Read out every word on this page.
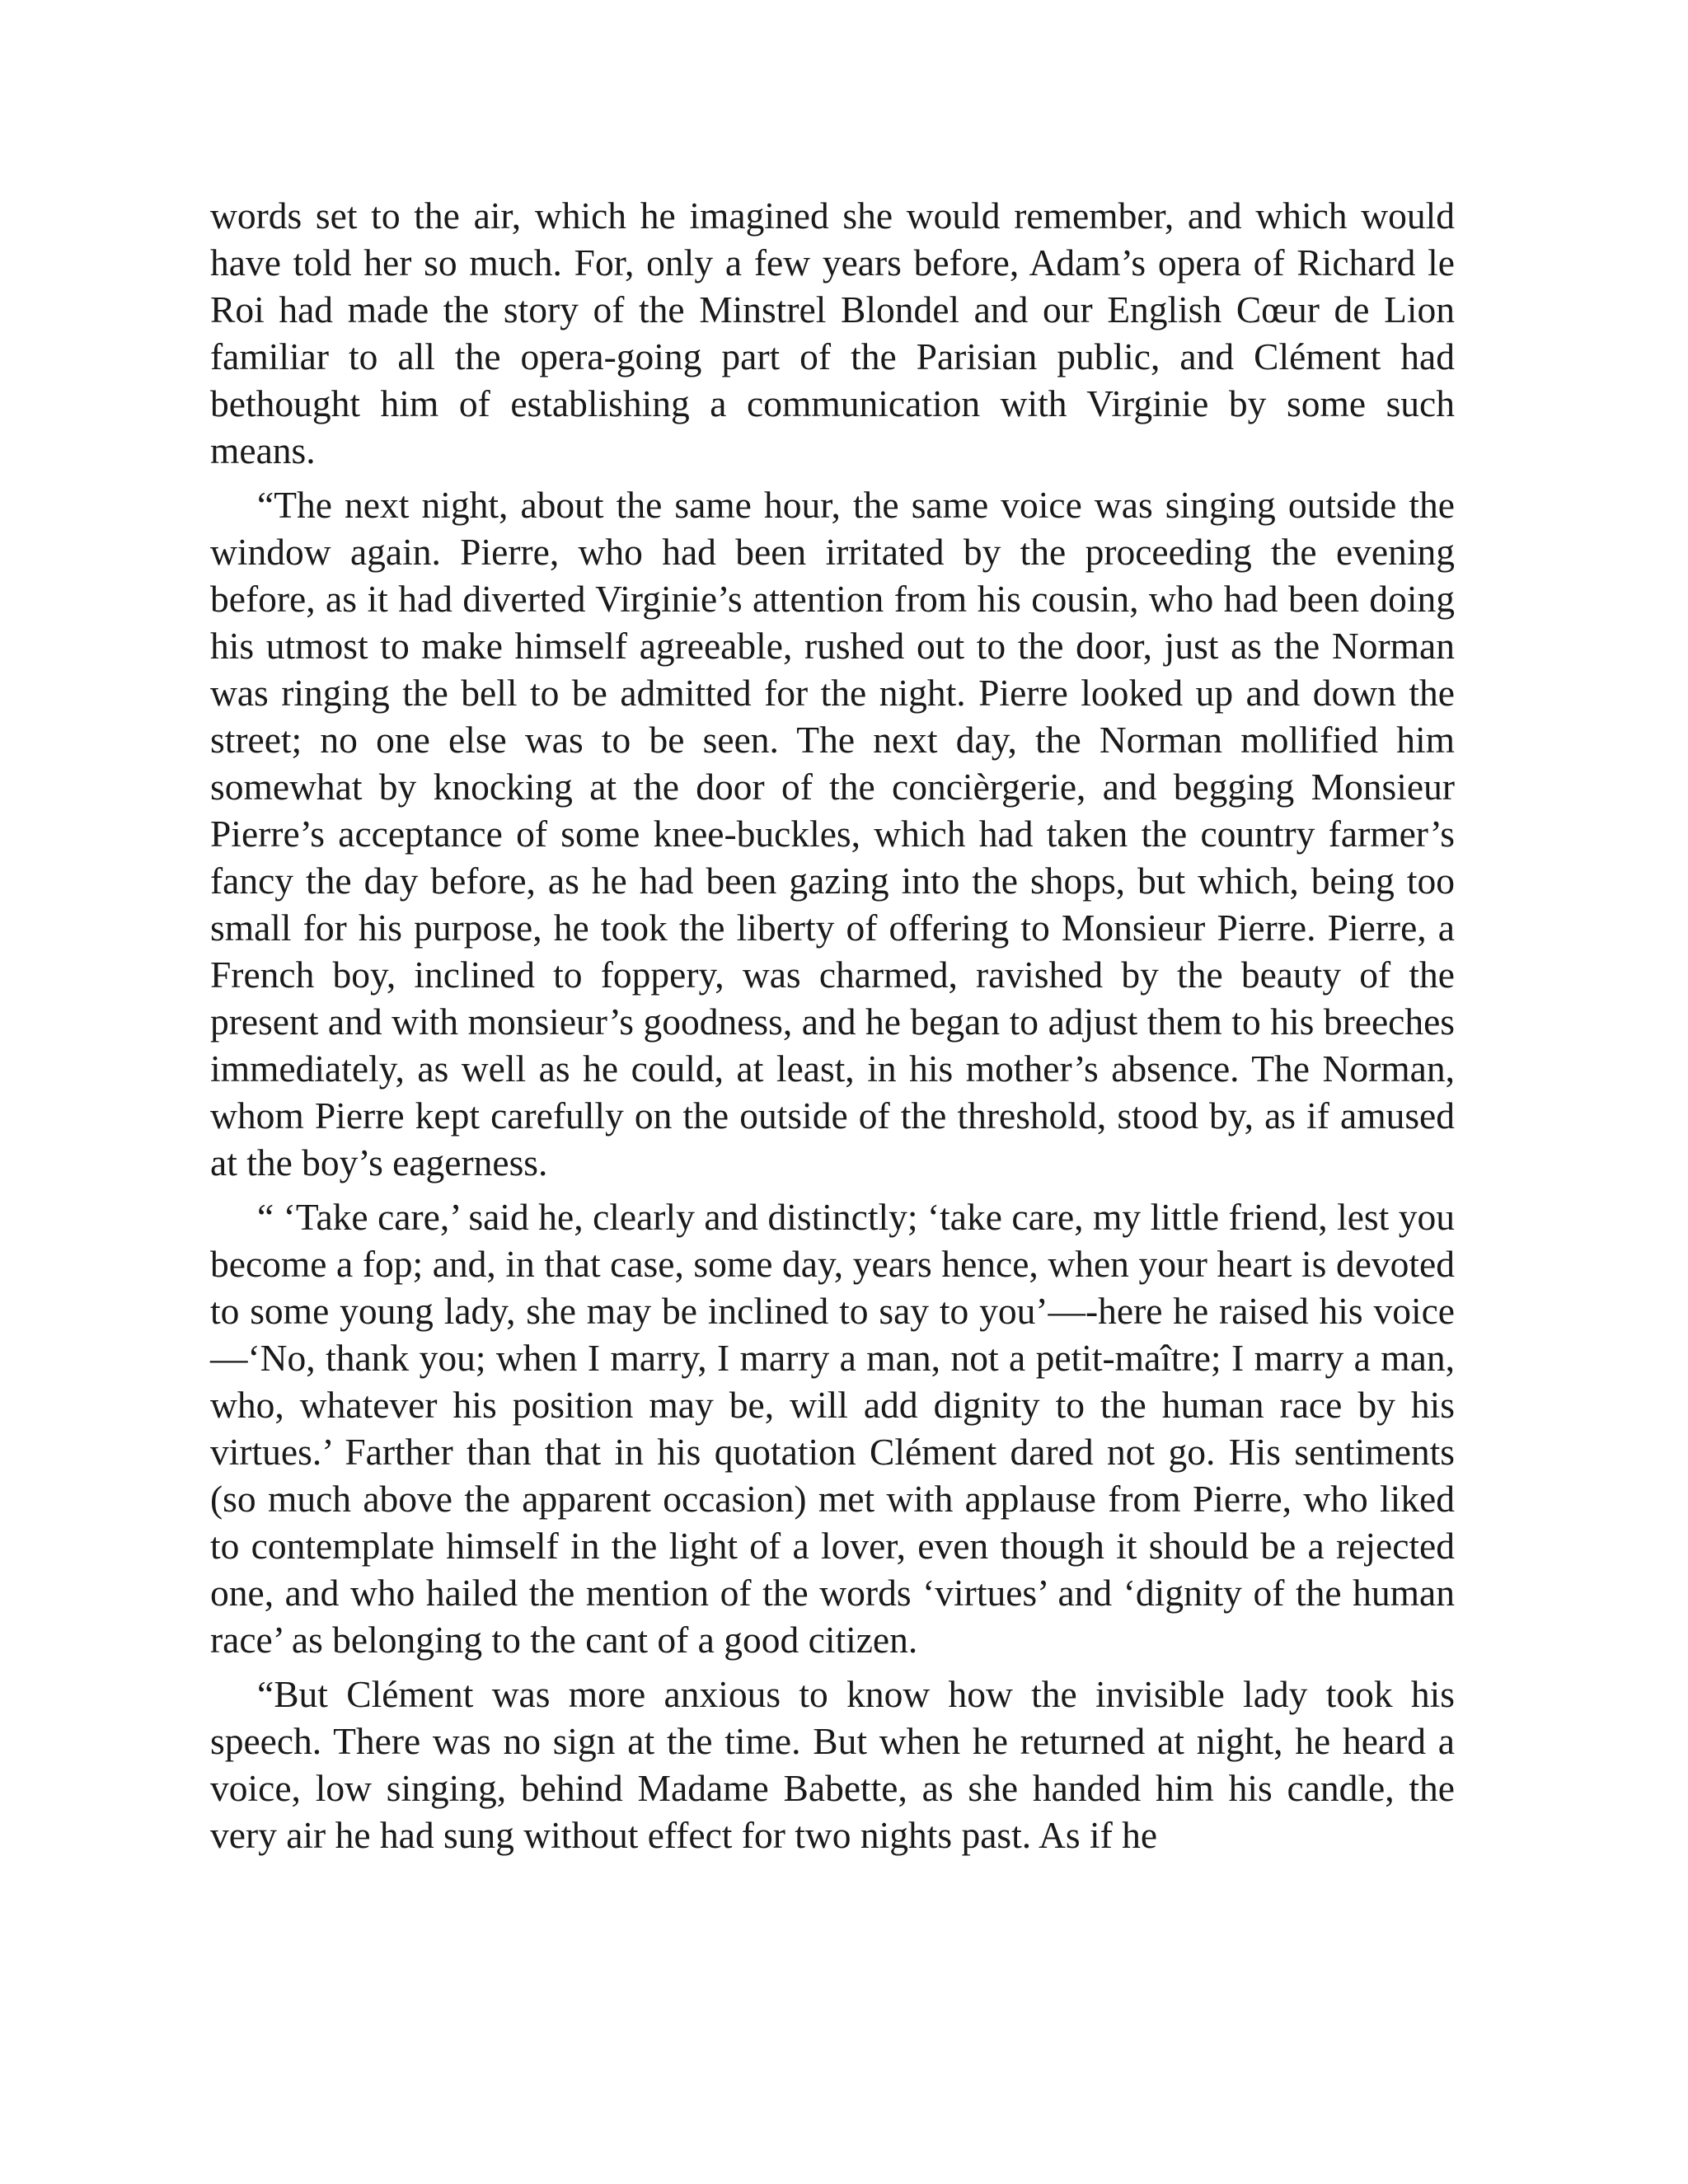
words set to the air, which he imagined she would remember, and which would have told her so much. For, only a few years before, Adam’s opera of Richard le Roi had made the story of the Minstrel Blondel and our English Cœur de Lion familiar to all the opera-going part of the Parisian public, and Clément had bethought him of establishing a communication with Virginie by some such means.

“The next night, about the same hour, the same voice was singing outside the window again. Pierre, who had been irritated by the proceeding the evening before, as it had diverted Virginie’s attention from his cousin, who had been doing his utmost to make himself agreeable, rushed out to the door, just as the Norman was ringing the bell to be admitted for the night. Pierre looked up and down the street; no one else was to be seen. The next day, the Norman mollified him somewhat by knocking at the door of the concièrgerie, and begging Monsieur Pierre’s acceptance of some knee-buckles, which had taken the country farmer’s fancy the day before, as he had been gazing into the shops, but which, being too small for his purpose, he took the liberty of offering to Monsieur Pierre. Pierre, a French boy, inclined to foppery, was charmed, ravished by the beauty of the present and with monsieur’s goodness, and he began to adjust them to his breeches immediately, as well as he could, at least, in his mother’s absence. The Norman, whom Pierre kept carefully on the outside of the threshold, stood by, as if amused at the boy’s eagerness.

“ ‘Take care,’ said he, clearly and distinctly; ‘take care, my little friend, lest you become a fop; and, in that case, some day, years hence, when your heart is devoted to some young lady, she may be inclined to say to you’—-here he raised his voice—‘No, thank you; when I marry, I marry a man, not a petit-maître; I marry a man, who, whatever his position may be, will add dignity to the human race by his virtues.’ Farther than that in his quotation Clément dared not go. His sentiments (so much above the apparent occasion) met with applause from Pierre, who liked to contemplate himself in the light of a lover, even though it should be a rejected one, and who hailed the mention of the words ‘virtues’ and ‘dignity of the human race’ as belonging to the cant of a good citizen.

“But Clément was more anxious to know how the invisible lady took his speech. There was no sign at the time. But when he returned at night, he heard a voice, low singing, behind Madame Babette, as she handed him his candle, the very air he had sung without effect for two nights past. As if he
